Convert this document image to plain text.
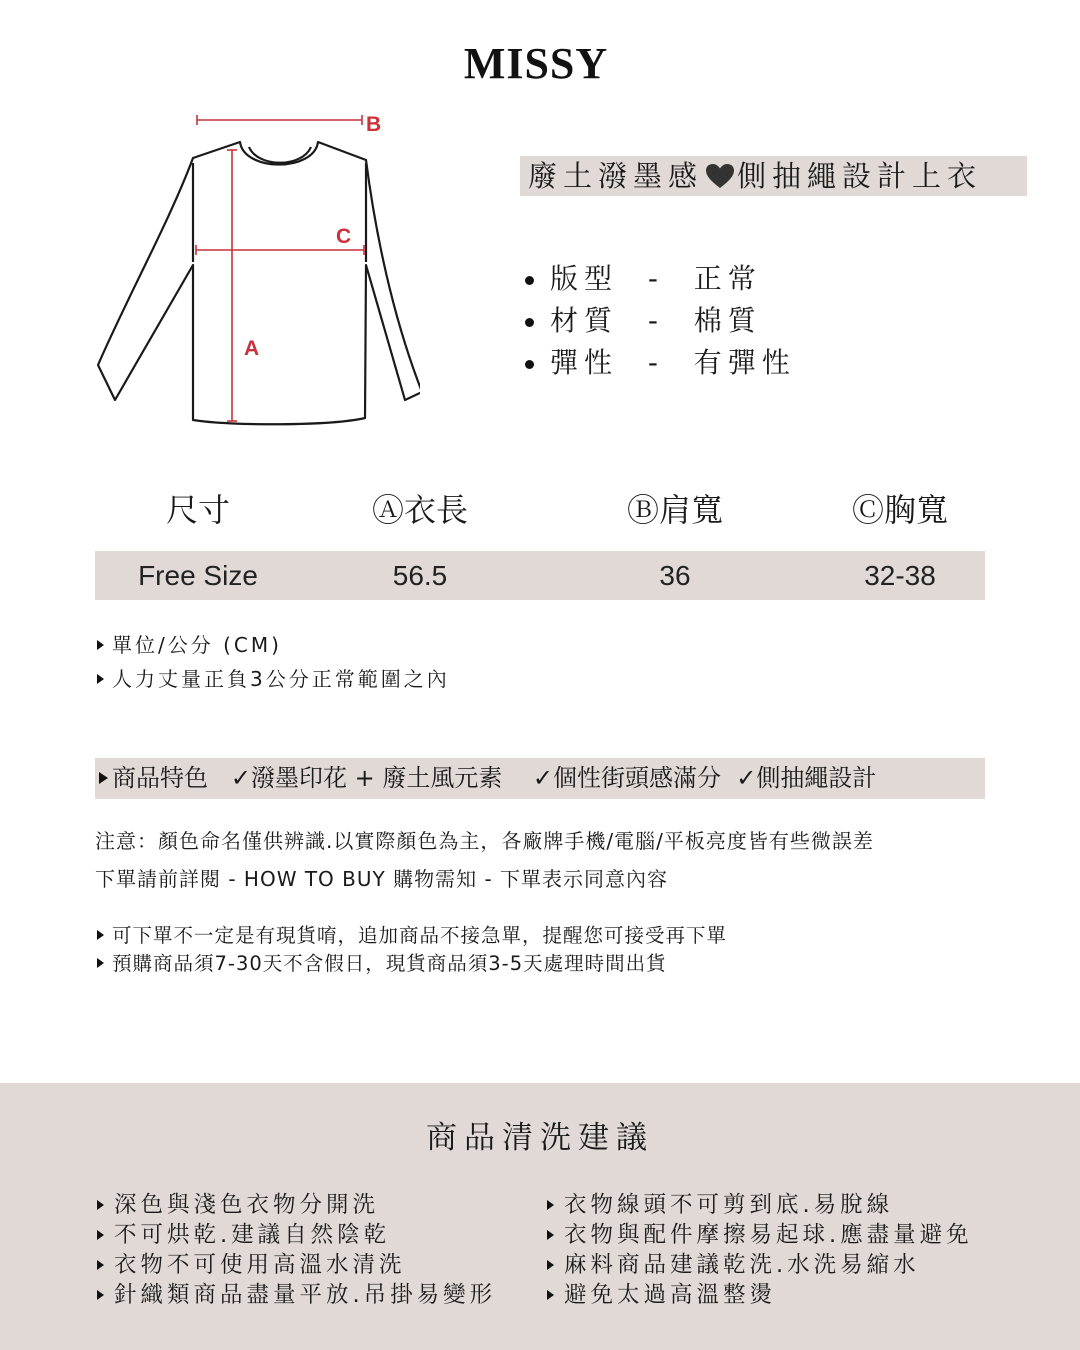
MISSY
B
C
A
廢土潑墨感 側抽繩設計上衣
版型 - 正常
材質 - 棉質
彈性 - 有彈性
尺寸	Ⓐ衣長	Ⓑ肩寬	Ⓒ胸寬
Free Size	56.5	36	32-38
單位/公分 (CM)
人力丈量正負3公分正常範圍之內
商品特色 ✓潑墨印花 + 廢土風元素 ✓個性街頭感滿分 ✓側抽繩設計
注意：顏色命名僅供辨識.以實際顏色為主，各廠牌手機/電腦/平板亮度皆有些微誤差
下單請前詳閱 - HOW TO BUY 購物需知 - 下單表示同意內容
可下單不一定是有現貨唷，追加商品不接急單，提醒您可接受再下單
預購商品須7-30天不含假日，現貨商品須3-5天處理時間出貨
商品清洗建議
深色與淺色衣物分開洗
不可烘乾.建議自然陰乾
衣物不可使用高溫水清洗
針織類商品盡量平放.吊掛易變形
衣物線頭不可剪到底.易脫線
衣物與配件摩擦易起球.應盡量避免
麻料商品建議乾洗.水洗易縮水
避免太過高溫整燙
